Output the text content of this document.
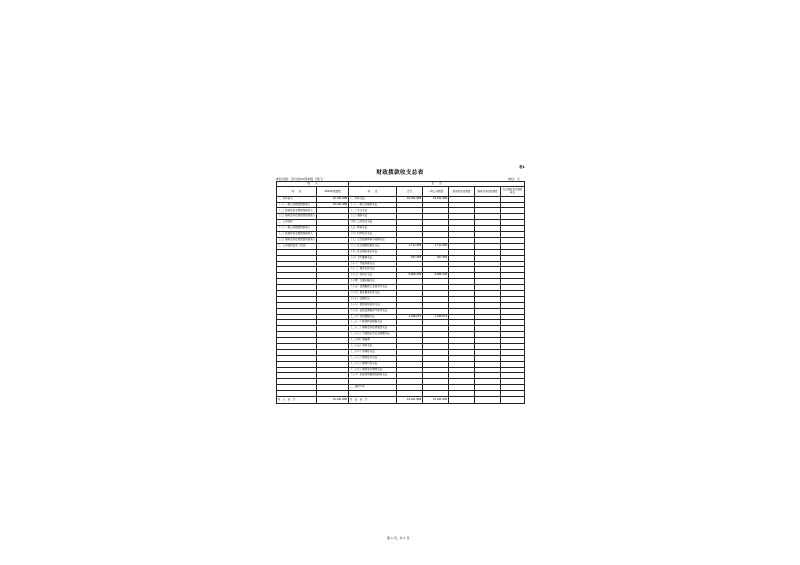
表1
财政拨款收支总表
单位名称：四川省XX局本级（部门）	单位：元
收　　入		支　　出					
项　　目	2022年预算数	项　　目	合计	一般公共预算	政府性基金预算	国有资本经营预算	社会保险基金预算收支
一、本年收入	10,021,986	一、本年支出	10,021,986	10,021,986			
（一）一般公共预算拨款收入	10,021,986	（一）一般公共服务支出					
（二）政府性基金预算拨款收入		（二）外交支出					
（三）国有资本经营预算拨款收入		（三）国防支出					
二、上年结转		（四）公共安全支出					
（一）一般公共预算拨款收入		（五）教育支出					
（二）政府性基金预算拨款收入		（六）科学技术支出					
（三）国有资本经营预算拨款收入		（七）文化旅游体育与传媒支出					
三、上年结转结余（资金）		（八）社会保障和就业支出	1,712,485	1,712,485			
		（九）社会保险基金支出					
		（十）卫生健康支出	497,384	497,384			
		（十一）节能环保支出					
		（十二）城乡社区支出					
		（十三）农林水支出	6,866,396	6,866,396			
		（十四）交通运输支出					
		（十五）资源勘探工业信息等支出					
		（十六）商业服务业等支出					
		（十七）金融支出					
		（十八）援助其他地区支出					
		（十九）自然资源海洋气象等支出					
		（二十）住房保障支出	1,046,015	1,046,015			
		（二十一）粮油物资储备支出					
		（二十二）国有资本经营预算支出					
		（二十三）灾害防治及应急管理支出					
		（二十四）预备费					
		（二十五）其他支出					
		（二十六）转移性支出					
		（二十七）债务还本支出					
		（二十八）债务付息支出					
		（二十九）债务发行费用支出					
		（三十）抗疫特别国债安排的支出					

		二、结转下年					

收　入　总　计	10,021,986	支　出　总　计	10,021,986	10,021,986			
第 1 页，共 1 页
